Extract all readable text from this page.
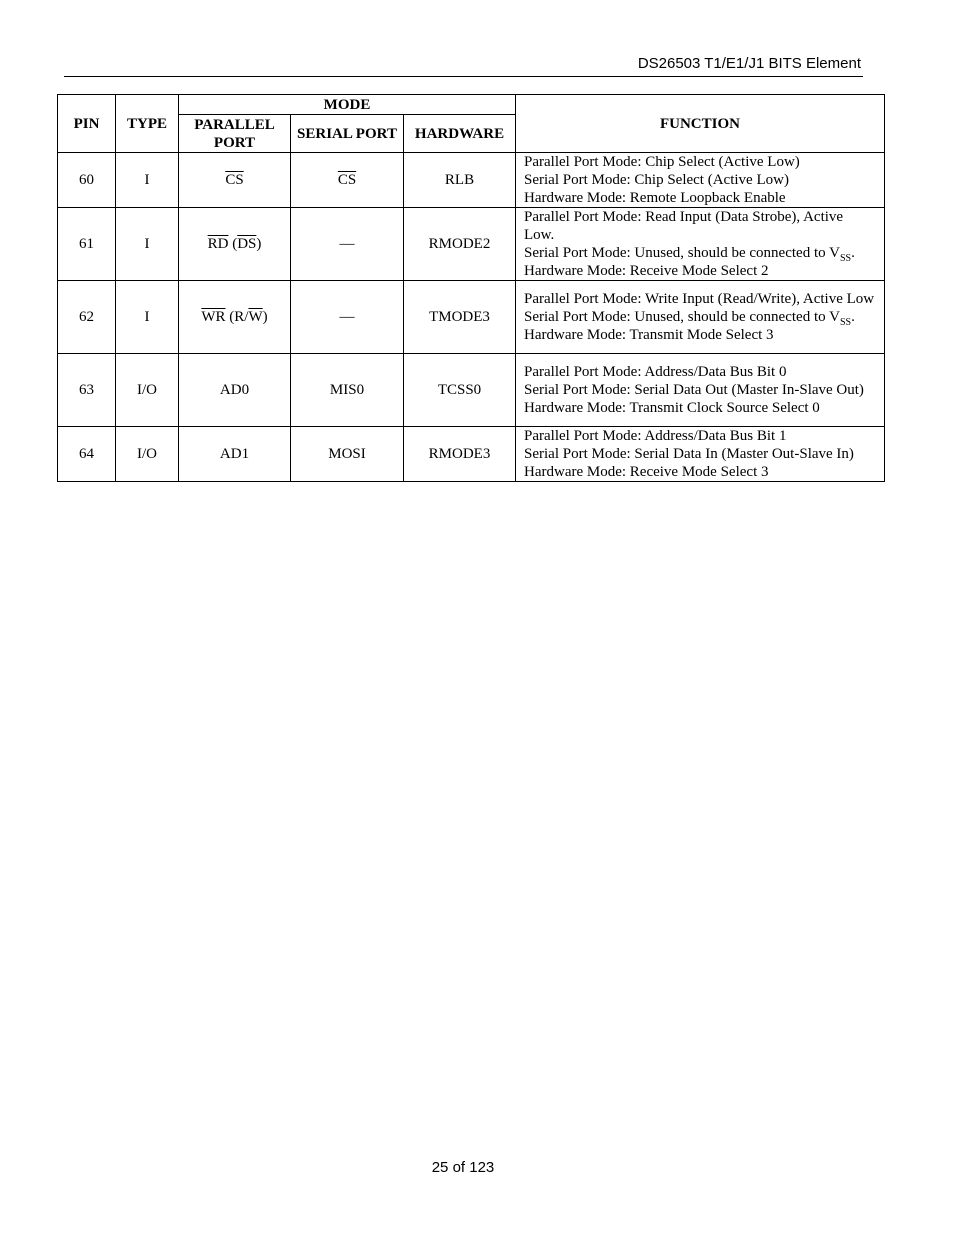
DS26503 T1/E1/J1 BITS Element
PIN	TYPE	MODE			FUNCTION
		PARALLEL PORT	SERIAL PORT	HARDWARE	
60	I	$\overline{CS}$	$\overline{CS}$	RLB	Parallel Port Mode: Chip Select (Active Low)
Serial Port Mode: Chip Select (Active Low)
Hardware Mode: Remote Loopback Enable

61	I	$\overline{RD}$ $(\overline{DS})$	—	RMODE2	Parallel Port Mode: Read Input (Data Strobe), Active Low.
Serial Port Mode: Unused, should be connected to $V_{SS}$.
Hardware Mode: Receive Mode Select 2

62	I	$\overline{WR}$ $(R/\overline{W})$	—	TMODE3	Parallel Port Mode: Write Input (Read/Write), Active Low
Serial Port Mode: Unused, should be connected to $V_{SS}$.
Hardware Mode: Transmit Mode Select 3

63	I/O	AD0	MIS0	TCSS0	Parallel Port Mode: Address/Data Bus Bit 0
Serial Port Mode: Serial Data Out (Master In-Slave Out)
Hardware Mode: Transmit Clock Source Select 0

64	I/O	AD1	MOSI	RMODE3	Parallel Port Mode: Address/Data Bus Bit 1
Serial Port Mode: Serial Data In (Master Out-Slave In)
Hardware Mode: Receive Mode Select 3
25 of 123
